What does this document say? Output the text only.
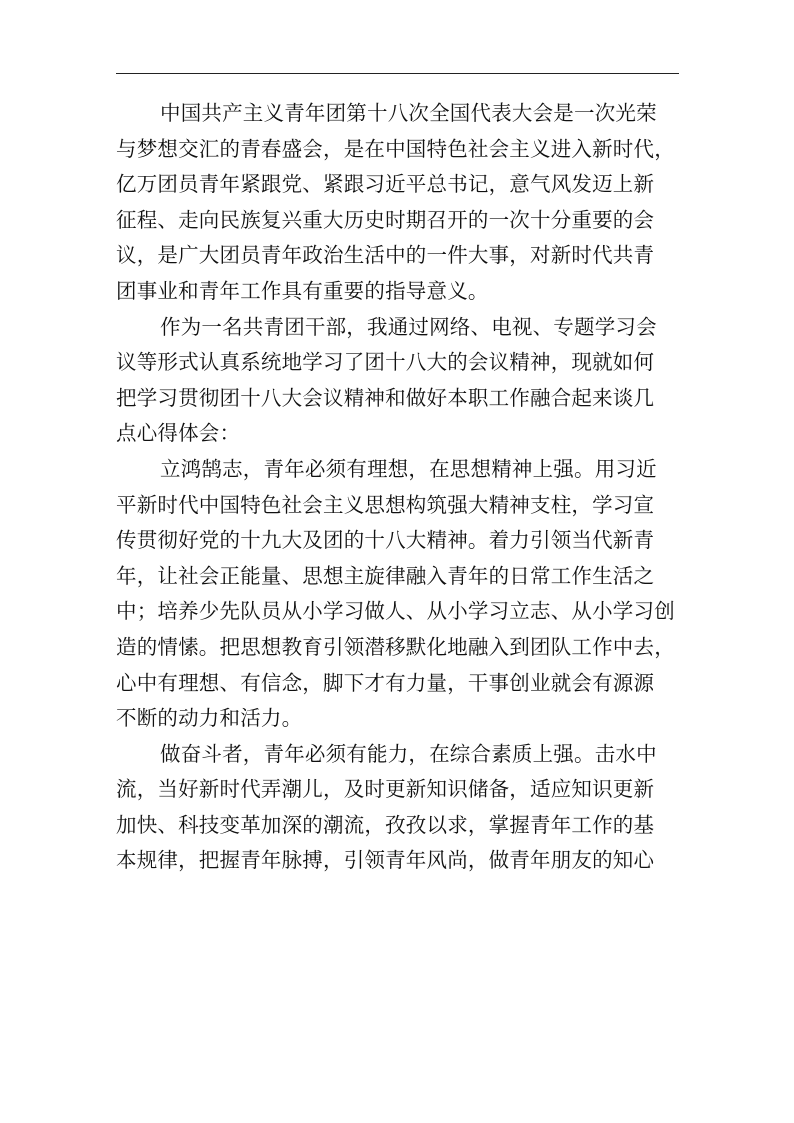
中国共产主义青年团第十八次全国代表大会是一次光荣
与梦想交汇的青春盛会，是在中国特色社会主义进入新时代，
亿万团员青年紧跟党、紧跟习近平总书记，意气风发迈上新
征程、走向民族复兴重大历史时期召开的一次十分重要的会
议，是广大团员青年政治生活中的一件大事，对新时代共青
团事业和青年工作具有重要的指导意义。

作为一名共青团干部，我通过网络、电视、专题学习会
议等形式认真系统地学习了团十八大的会议精神，现就如何
把学习贯彻团十八大会议精神和做好本职工作融合起来谈几
点心得体会：

立鸿鹄志，青年必须有理想，在思想精神上强。用习近
平新时代中国特色社会主义思想构筑强大精神支柱，学习宣
传贯彻好党的十九大及团的十八大精神。着力引领当代新青
年，让社会正能量、思想主旋律融入青年的日常工作生活之
中；培养少先队员从小学习做人、从小学习立志、从小学习创
造的情愫。把思想教育引领潜移默化地融入到团队工作中去，
心中有理想、有信念，脚下才有力量，干事创业就会有源源
不断的动力和活力。

做奋斗者，青年必须有能力，在综合素质上强。击水中
流，当好新时代弄潮儿，及时更新知识储备，适应知识更新
加快、科技变革加深的潮流，孜孜以求，掌握青年工作的基
本规律，把握青年脉搏，引领青年风尚，做青年朋友的知心
